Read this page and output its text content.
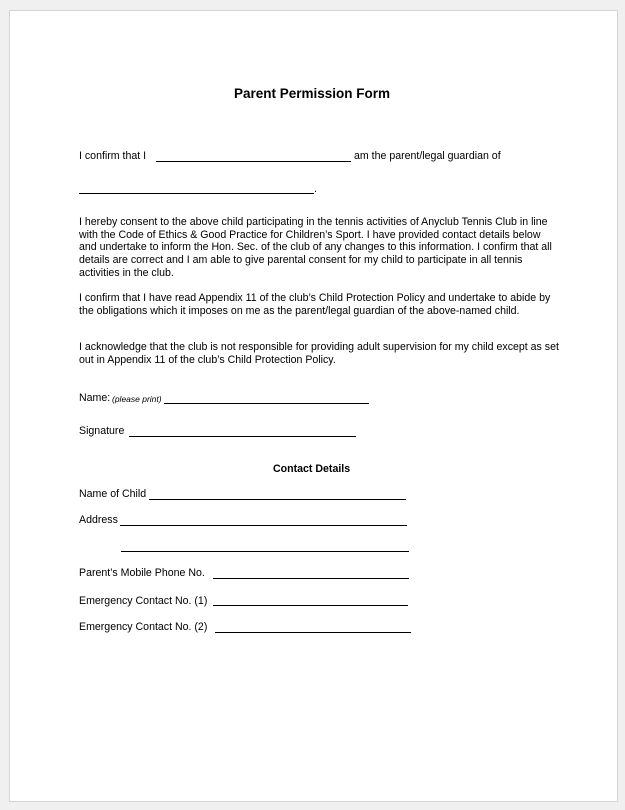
Parent Permission Form
I confirm that I	am the parent/legal guardian of
.
I hereby consent to the above child participating in the tennis activities of Anyclub Tennis Club in line with the Code of Ethics & Good Practice for Children’s Sport. I have provided contact details below and undertake to inform the Hon. Sec. of the club of any changes to this information. I confirm that all details are correct and I am able to give parental consent for my child to participate in all tennis activities in the club.
I confirm that I have read Appendix 11 of the club’s Child Protection Policy and undertake to abide by the obligations which it imposes on me as the parent/legal guardian of the above-named child.
I acknowledge that the club is not responsible for providing adult supervision for my child except as set out in Appendix 11 of the club’s Child Protection Policy.
Name: (please print)
Signature
Contact Details
Name of Child
Address
Parent’s Mobile Phone No.
Emergency Contact No. (1)
Emergency Contact No. (2)
